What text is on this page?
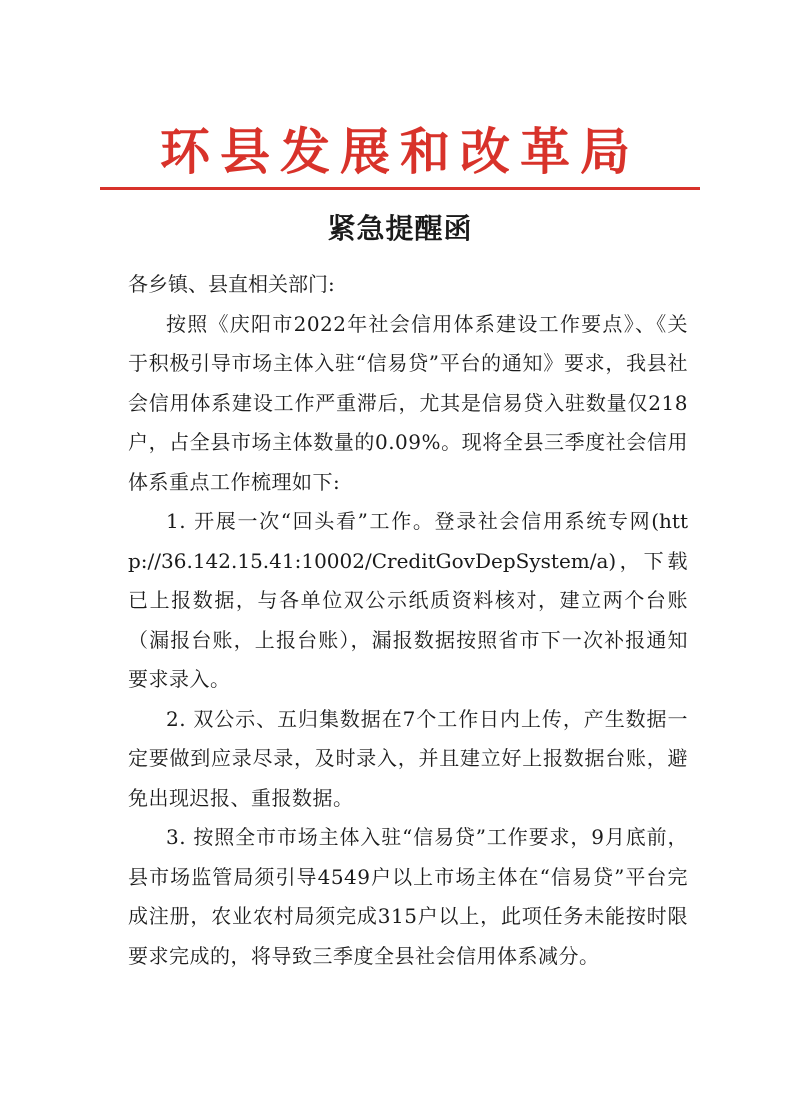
环县发展和改革局
紧急提醒函

各乡镇、县直相关部门:

按照《庆阳市2022年社会信用体系建设工作要点》、《关于积极引导市场主体入驻“信易贷”平台的通知》要求，我县社会信用体系建设工作严重滞后，尤其是信易贷入驻数量仅218户，占全县市场主体数量的0.09%。现将全县三季度社会信用体系重点工作梳理如下:

1. 开展一次“回头看”工作。登录社会信用系统专网(http://36.142.15.41:10002/CreditGovDepSystem/a)，下载已上报数据，与各单位双公示纸质资料核对，建立两个台账（漏报台账，上报台账），漏报数据按照省市下一次补报通知要求录入。

2. 双公示、五归集数据在7个工作日内上传，产生数据一定要做到应录尽录，及时录入，并且建立好上报数据台账，避免出现迟报、重报数据。

3. 按照全市市场主体入驻“信易贷”工作要求，9月底前，县市场监管局须引导4549户以上市场主体在“信易贷”平台完成注册，农业农村局须完成315户以上，此项任务未能按时限要求完成的，将导致三季度全县社会信用体系减分。
